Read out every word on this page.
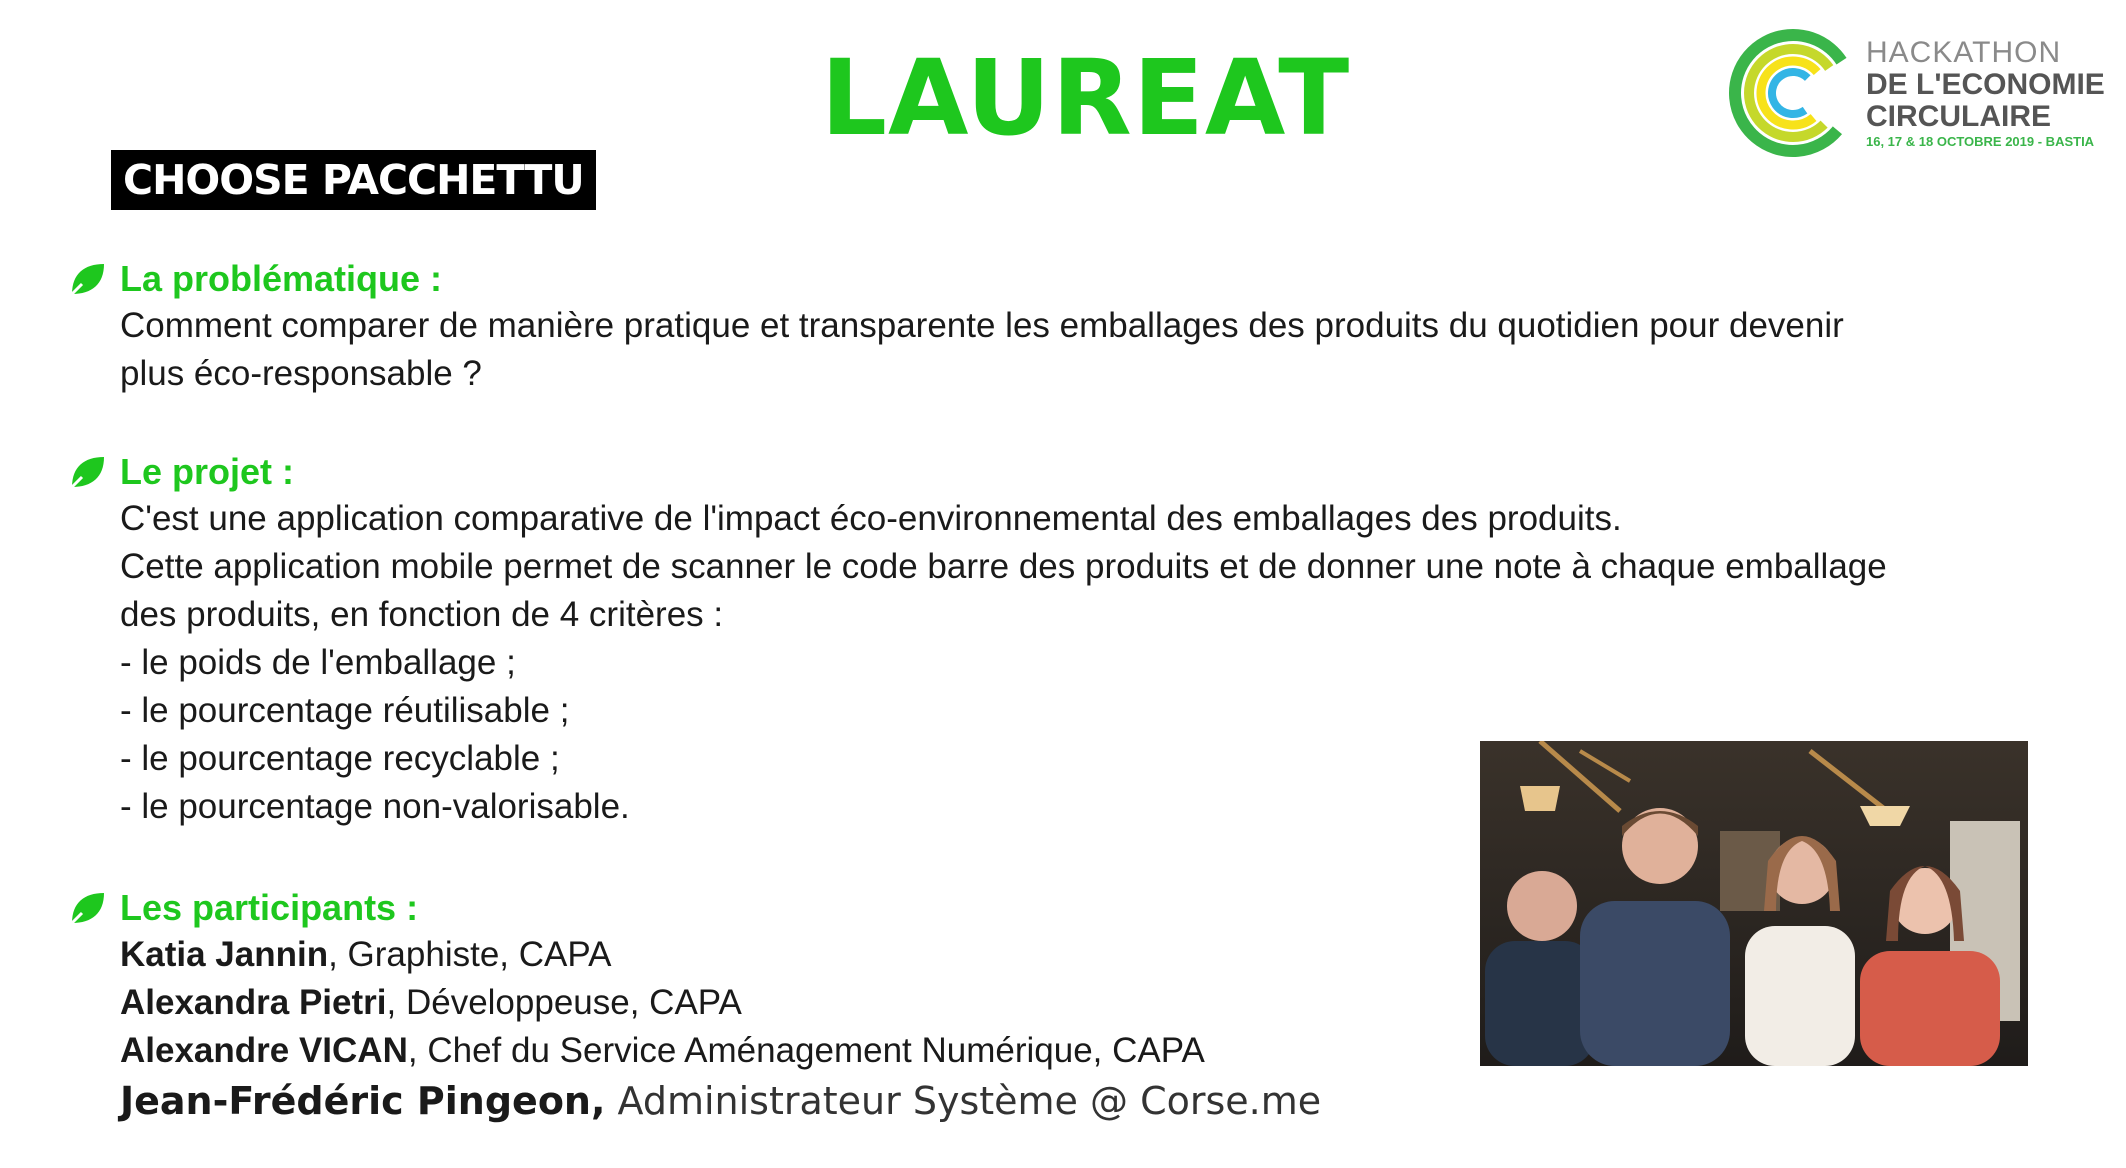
LAUREAT
CHOOSE PACCHETTU
HACKATHON
DE L'ECONOMIE
CIRCULAIRE
16, 17 & 18 OCTOBRE 2019 - BASTIA
La problématique :
Comment comparer de manière pratique et transparente les emballages des produits du quotidien pour devenir
plus éco-responsable ?
Le projet :
C'est une application comparative de l'impact éco-environnemental des emballages des produits.
Cette application mobile permet de scanner le code barre des produits et de donner une note à chaque emballage
des produits, en fonction de 4 critères :
- le poids de l'emballage ;
- le pourcentage réutilisable ;
- le pourcentage recyclable ;
- le pourcentage non-valorisable.
Les participants :
Katia Jannin, Graphiste, CAPA
Alexandra Pietri, Développeuse, CAPA
Alexandre VICAN, Chef du Service Aménagement Numérique, CAPA
Jean-Frédéric Pingeon, Administrateur Système @ Corse.me
